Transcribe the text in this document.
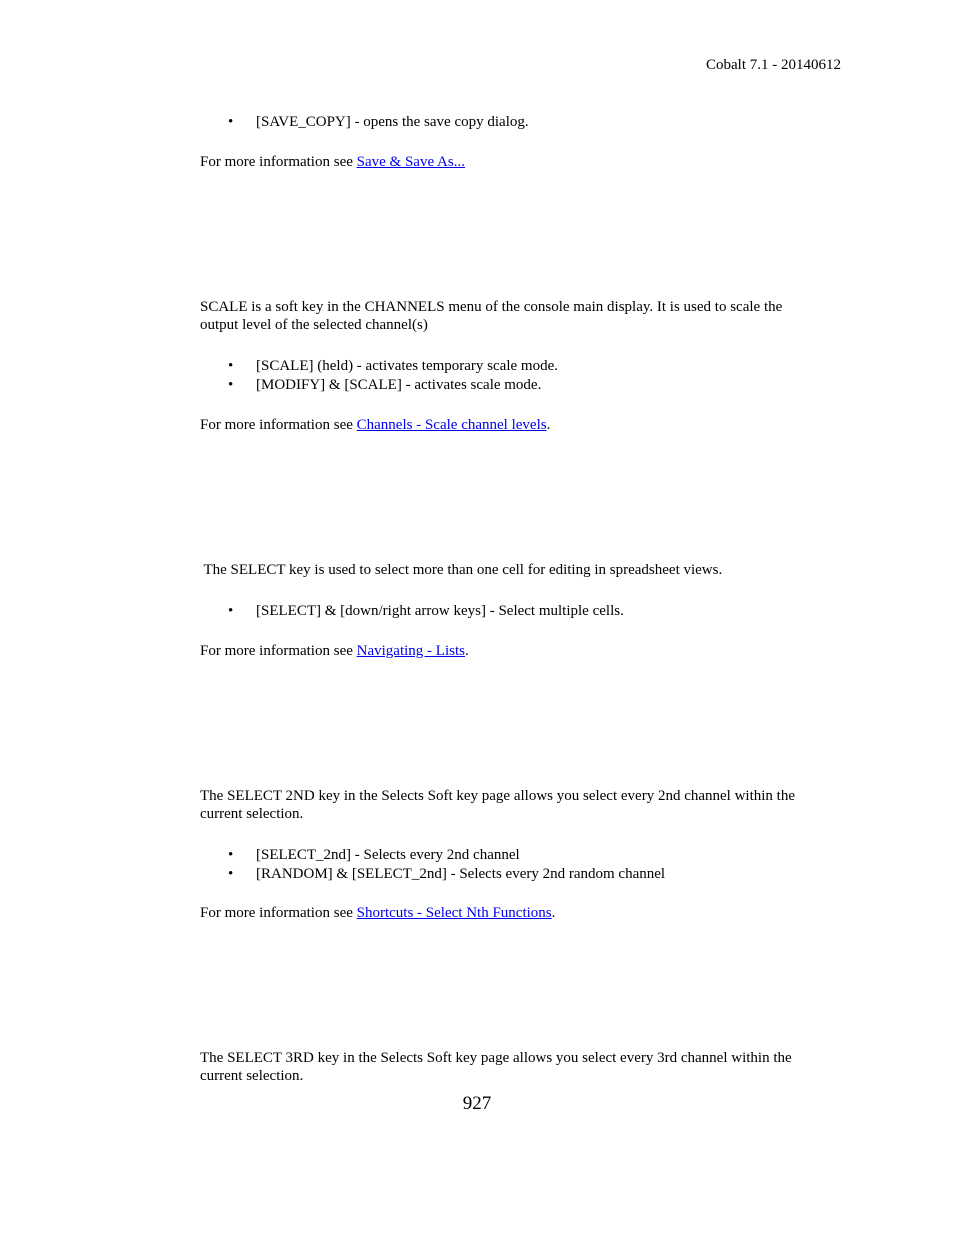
Cobalt 7.1 - 20140612

• [SAVE_COPY] - opens the save copy dialog.

For more information see Save & Save As...

SCALE is a soft key in the CHANNELS menu of the console main display. It is used to scale the output level of the selected channel(s)

• [SCALE] (held) - activates temporary scale mode.

• [MODIFY] & [SCALE] - activates scale mode.

For more information see Channels - Scale channel levels.

The SELECT key is used to select more than one cell for editing in spreadsheet views.

• [SELECT] & [down/right arrow keys] - Select multiple cells.

For more information see Navigating - Lists.

The SELECT 2ND key in the Selects Soft key page allows you select every 2nd channel within the current selection.

• [SELECT_2nd] - Selects every 2nd channel

• [RANDOM] & [SELECT_2nd] - Selects every 2nd random channel

For more information see Shortcuts - Select Nth Functions.

The SELECT 3RD key in the Selects Soft key page allows you select every 3rd channel within the current selection.

927
